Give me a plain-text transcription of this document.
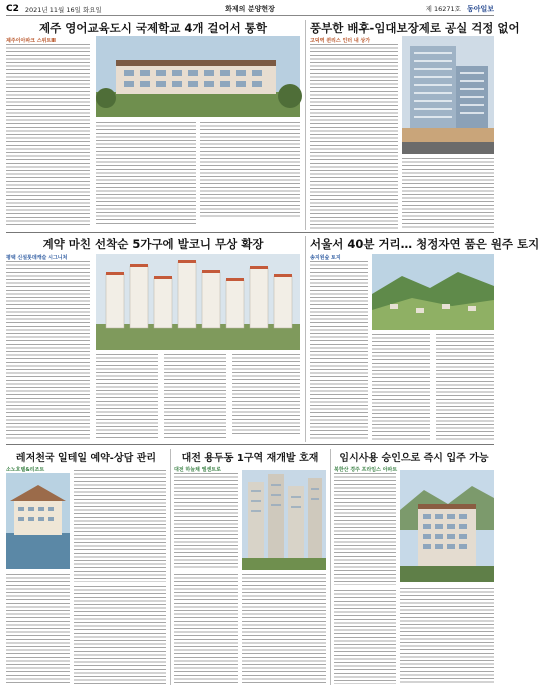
C2 2021년 11월 16일 화요일	화제의 분양현장	제 16271호 동아일보
제주 영어교육도시 국제학교 4개 걸어서 통학
제주이아파크 스위트Ⅲ
풍부한 배후-임대보장제로 공실 걱정 없어
고덕역 퀸리스 인터 내 상가
계약 마친 선착순 5가구에 발코니 무상 확장
평택 신설롯데캐슬 시그니처
서울서 40분 거리… 청정자연 품은 원주 토지
송지원숲 토지
레저천국 일테일 예약-상담 관리
소노호텔&리조트
대전 용두동 1구역 재개발 호재
대전 하늘채 엘센트로
임시사용 승인으로 즉시 입주 가능
북한산 경주 프라임스 아파트
